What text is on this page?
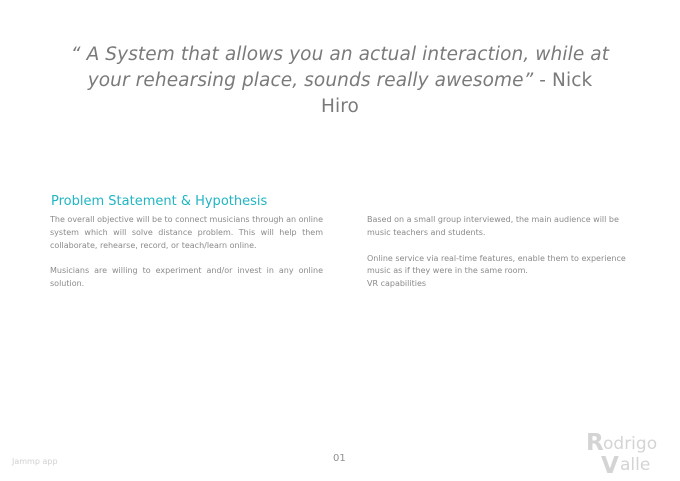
“ A System that allows you an actual interaction, while at your rehearsing place, sounds really awesome” - Nick Hiro

Problem Statement & Hypothesis

The overall objective will be to connect musicians through an online system which will solve distance problem. This will help them collaborate, rehearse, record, or teach/learn online.

Musicians are willing to experiment and/or invest in any online solution.

Based on a small group interviewed, the main audience will be music teachers and students.

Online service via real-time features, enable them to experience music as if they were in the same room.

VR capabilities

01
Jammp app
R odrigo
V alle
